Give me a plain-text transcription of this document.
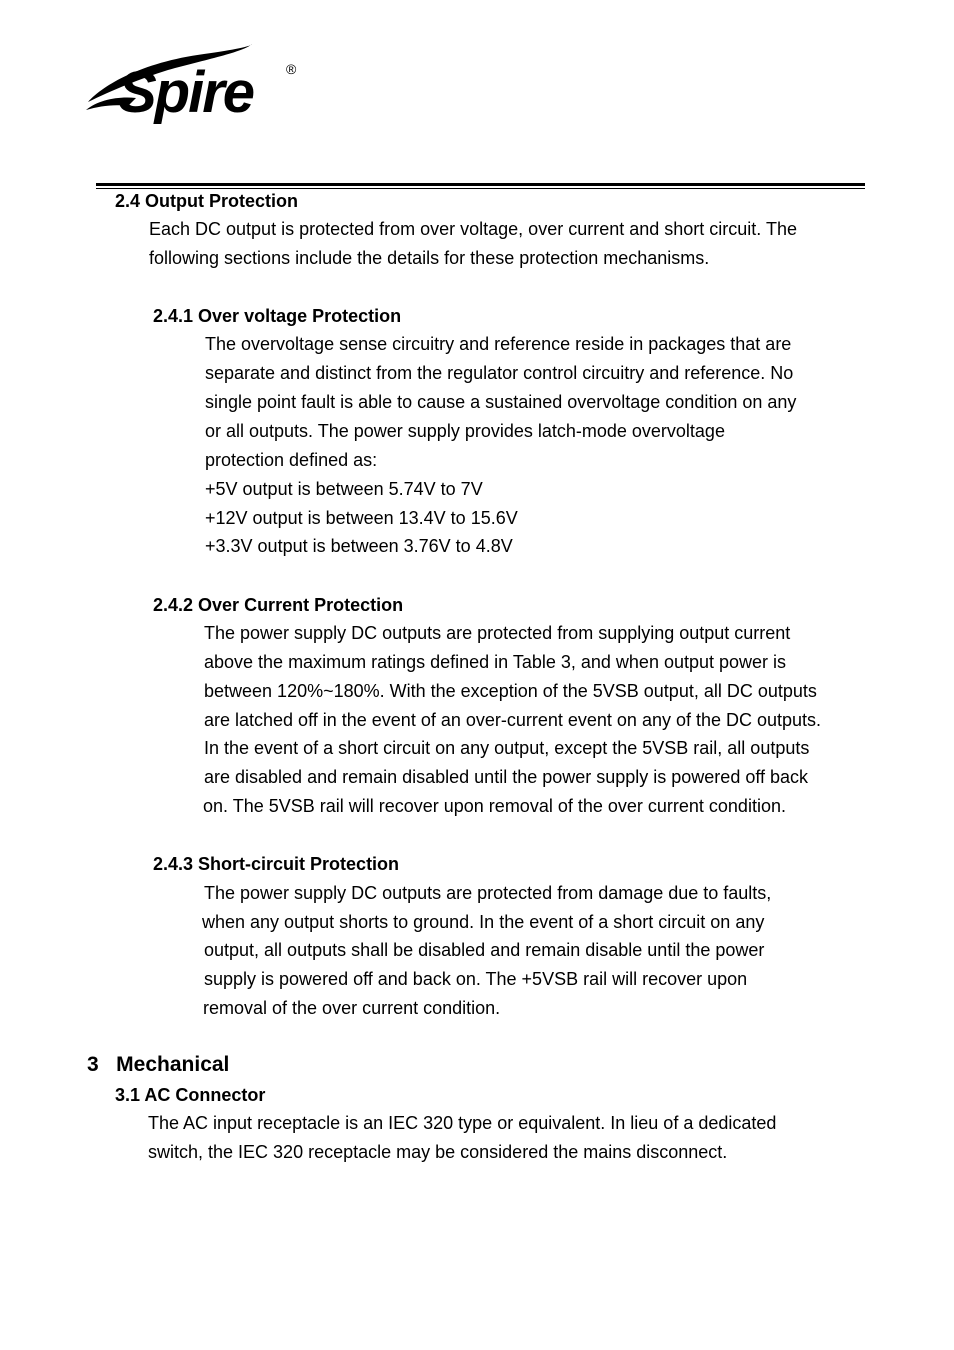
Spire ®
2.4 Output Protection
Each DC output is protected from over voltage, over current and short circuit. The
following sections include the details for these protection mechanisms.
2.4.1 Over voltage Protection
The overvoltage sense circuitry and reference reside in packages that are
separate and distinct from the regulator control circuitry and reference. No
single point fault is able to cause a sustained overvoltage condition on any
or all outputs. The power supply provides latch-mode overvoltage
protection defined as:
+5V output is between 5.74V to 7V
+12V output is between 13.4V to 15.6V
+3.3V output is between 3.76V to 4.8V
2.4.2 Over Current Protection
The power supply DC outputs are protected from supplying output current
above the maximum ratings defined in Table 3, and when output power is
between 120%~180%. With the exception of the 5VSB output, all DC outputs
are latched off in the event of an over-current event on any of the DC outputs.
In the event of a short circuit on any output, except the 5VSB rail, all outputs
are disabled and remain disabled until the power supply is powered off back
on. The 5VSB rail will recover upon removal of the over current condition.
2.4.3 Short-circuit Protection
The power supply DC outputs are protected from damage due to faults,
when any output shorts to ground. In the event of a short circuit on any
output, all outputs shall be disabled and remain disable until the power
supply is powered off and back on. The +5VSB rail will recover upon
removal of the over current condition.
3   Mechanical
3.1 AC Connector
The AC input receptacle is an IEC 320 type or equivalent. In lieu of a dedicated
switch, the IEC 320 receptacle may be considered the mains disconnect.
